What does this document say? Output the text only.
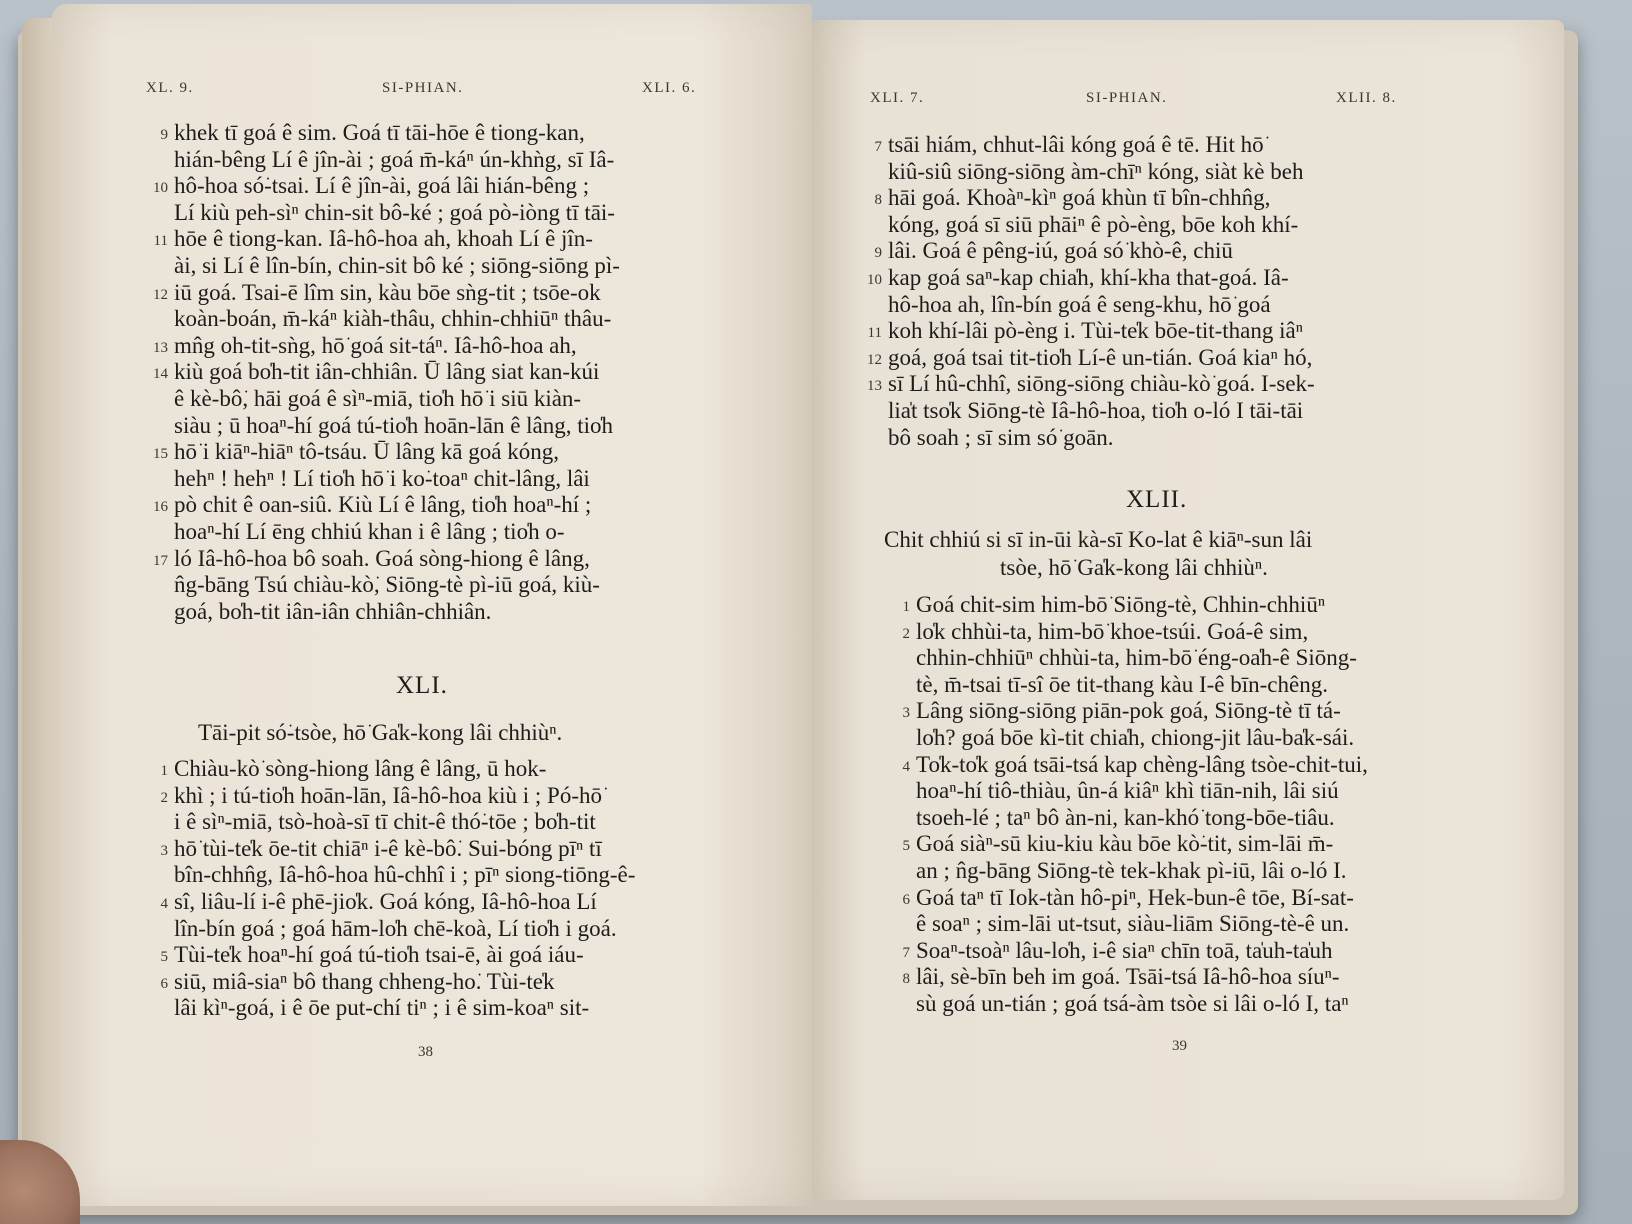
XL. 9.	SI-PHIAN.	XLI. 6.
9 khek tī goá ê sim. Goá tī tāi-hōe ê tiong-kan,
hián-bêng Lí ê jîn-ài ; goá m̄-káⁿ ún-khǹg, sī Iâ-
10 hô-hoa só͘-tsai. Lí ê jîn-ài, goá lâi hián-bêng ;
Lí kiù peh-sìⁿ chin-sit bô-ké ; goá pò-iòng tī tāi-
11 hōe ê tiong-kan. Iâ-hô-hoa ah, khoah Lí ê jîn-
ài, si Lí ê lîn-bín, chin-sit bô ké ; siōng-siōng pì-
12 iū goá. Tsai-ē lîm sin, kàu bōe sǹg-tit ; tsōe-ok
koàn-boán, m̄-káⁿ kiàh-thâu, chhin-chhiūⁿ thâu-
13 mn̂g oh-tit-sǹg, hō͘ goá sit-táⁿ. Iâ-hô-hoa ah,
14 kiù goá bo̍h-tit iân-chhiân. Ū lâng siat kan-kúi
ê kè-bô͘, hāi goá ê sìⁿ-miā, tio̍h hō͘ i siū kiàn-
siàu ; ū hoaⁿ-hí goá tú-tio̍h hoān-lān ê lâng, tio̍h
15 hō͘ i kiāⁿ-hiāⁿ tô-tsáu. Ū lâng kā goá kóng,
hehⁿ ! hehⁿ ! Lí tio̍h hō͘ i ko͘-toaⁿ chit-lâng, lâi
16 pò chit ê oan-siû. Kiù Lí ê lâng, tio̍h hoaⁿ-hí ;
hoaⁿ-hí Lí ēng chhiú khan i ê lâng ; tio̍h o-
17 ló Iâ-hô-hoa bô soah. Goá sòng-hiong ê lâng,
n̂g-bāng Tsú chiàu-kò͘, Siōng-tè pì-iū goá, kiù-
goá, bo̍h-tit iân-iân chhiân-chhiân.
XLI.
Tāi-pit só͘-tsòe, hō͘ Ga̍k-kong lâi chhiùⁿ.
1 Chiàu-kò͘ sòng-hiong lâng ê lâng, ū hok-
2 khì ; i tú-tio̍h hoān-lān, Iâ-hô-hoa kiù i ; Pó-hō͘
i ê sìⁿ-miā, tsò-hoà-sī tī chit-ê thó͘-tōe ; bo̍h-tit
3 hō͘ tùi-te̍k ōe-tit chiāⁿ i-ê kè-bô͘. Sui-bóng pīⁿ tī
bîn-chhn̂g, Iâ-hô-hoa hû-chhî i ; pīⁿ siong-tiōng-ê-
4 sî, liâu-lí i-ê phē-jio̍k. Goá kóng, Iâ-hô-hoa Lí
lîn-bín goá ; goá hām-lo̍h chē-koà, Lí tio̍h i goá.
5 Tùi-te̍k hoaⁿ-hí goá tú-tio̍h tsai-ē, ài goá iáu-
6 siū, miâ-siaⁿ bô thang chheng-ho͘. Tùi-te̍k
lâi kìⁿ-goá, i ê ōe put-chí tiⁿ ; i ê sim-koaⁿ sit-
38
XLI. 7.	SI-PHIAN.	XLII. 8.
7 tsāi hiám, chhut-lâi kóng goá ê tē. Hit hō͘
kiû-siû siōng-siōng àm-chīⁿ kóng, siàt kè beh
8 hāi goá. Khoàⁿ-kìⁿ goá khùn tī bîn-chhn̂g,
kóng, goá sī siū phāiⁿ ê pò-èng, bōe koh khí-
9 lâi. Goá ê pêng-iú, goá só͘ khò-ê, chiū
10 kap goá saⁿ-kap chia̍h, khí-kha that-goá. Iâ-
hô-hoa ah, lîn-bín goá ê seng-khu, hō͘ goá
11 koh khí-lâi pò-èng i. Tùi-te̍k bōe-tit-thang iâⁿ
12 goá, goá tsai tit-tio̍h Lí-ê un-tián. Goá kiaⁿ hó,
13 sī Lí hû-chhî, siōng-siōng chiàu-kò͘ goá. I-sek-
lia̍t tso̍k Siōng-tè Iâ-hô-hoa, tio̍h o-ló I tāi-tāi
bô soah ; sī sim só͘ goān.
XLII.
Chit chhiú si sī in-ūi kà-sī Ko-lat ê kiāⁿ-sun lâi
tsòe, hō͘ Ga̍k-kong lâi chhiùⁿ.
1 Goá chit-sim him-bō͘ Siōng-tè, Chhin-chhiūⁿ
2 lo̍k chhùi-ta, him-bō͘ khoe-tsúi. Goá-ê sim,
chhin-chhiūⁿ chhùi-ta, him-bō͘ éng-oa̍h-ê Siōng-
tè, m̄-tsai tī-sî ōe tit-thang kàu I-ê bīn-chêng.
3 Lâng siōng-siōng piān-pok goá, Siōng-tè tī tá-
lo̍h? goá bōe kì-tit chia̍h, chiong-jit lâu-ba̍k-sái.
4 To̍k-to̍k goá tsāi-tsá kap chèng-lâng tsòe-chit-tui,
hoaⁿ-hí tiô-thiàu, ûn-á kiâⁿ khì tiān-nih, lâi siú
tsoeh-lé ; taⁿ bô àn-ni, kan-khó͘ tong-bōe-tiâu.
5 Goá siàⁿ-sū kiu-kiu kàu bōe kò͘-tit, sim-lāi m̄-
an ; n̂g-bāng Siōng-tè tek-khak pì-iū, lâi o-ló I.
6 Goá taⁿ tī Iok-tàn hô-piⁿ, Hek-bun-ê tōe, Bí-sat-
ê soaⁿ ; sim-lāi ut-tsut, siàu-liām Siōng-tè-ê un.
7 Soaⁿ-tsoàⁿ lâu-lo̍h, i-ê siaⁿ chīn toā, ta̍uh-ta̍uh
8 lâi, sè-bīn beh im goá. Tsāi-tsá Iâ-hô-hoa síuⁿ-
sù goá un-tián ; goá tsá-àm tsòe si lâi o-ló I, taⁿ
39
